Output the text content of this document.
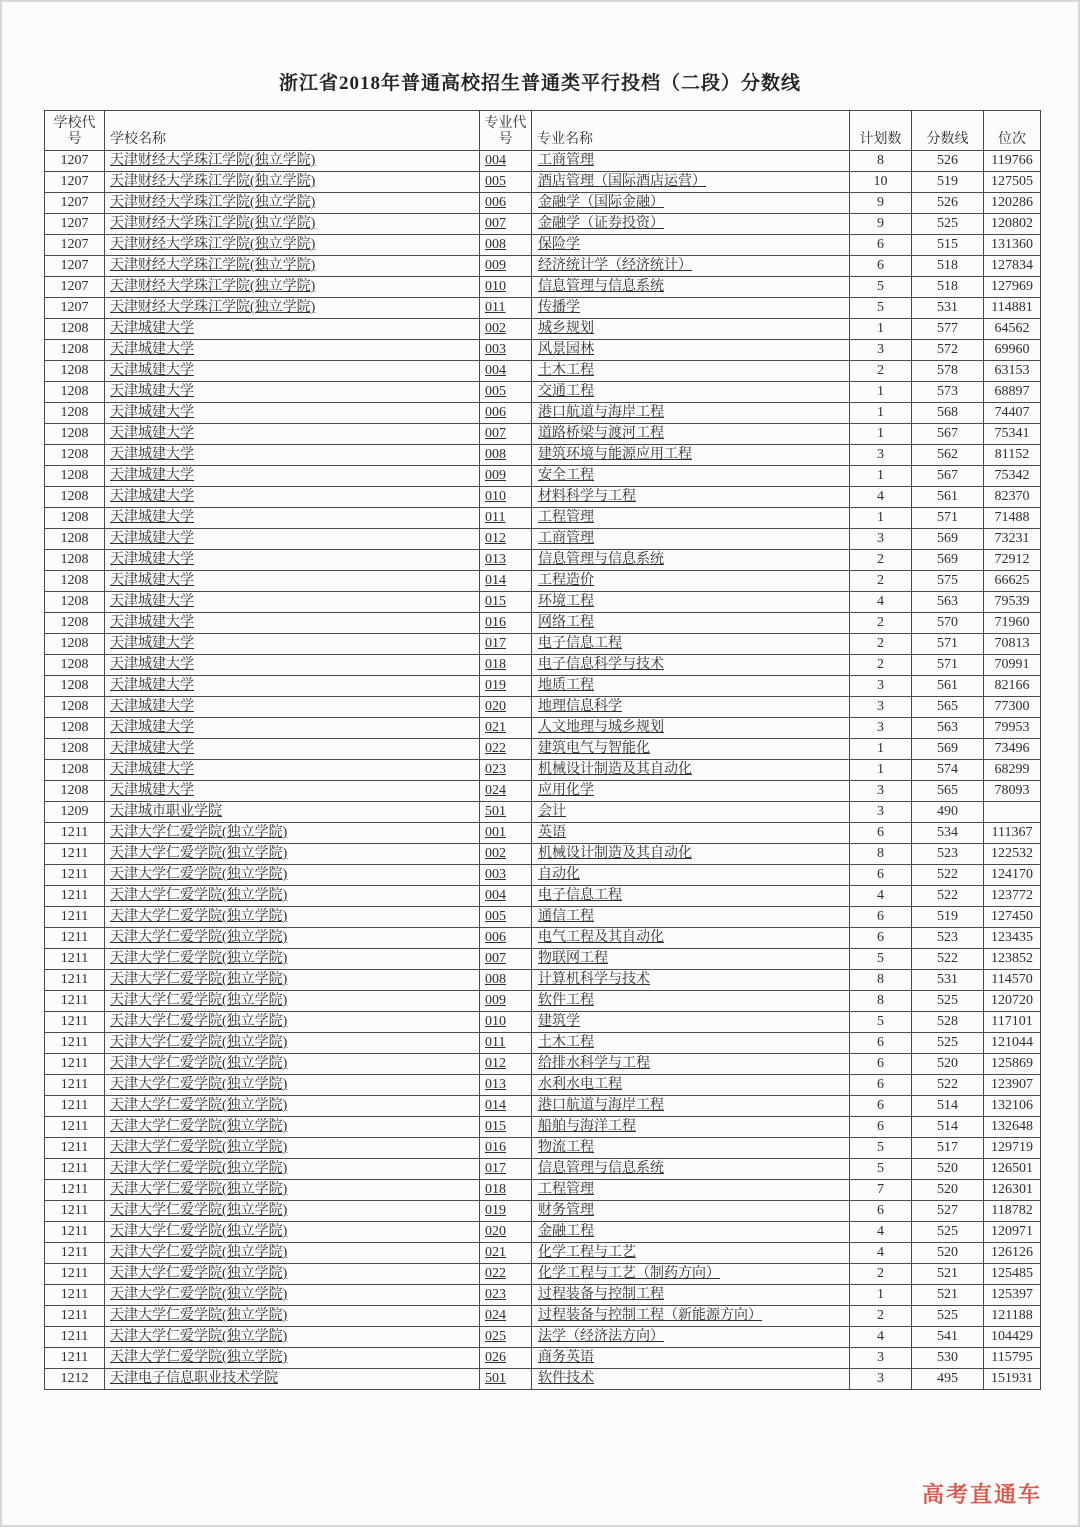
浙江省2018年普通高校招生普通类平行投档（二段）分数线
学校代号	学校名称	专业代号	专业名称	计划数	分数线	位次
1207	天津财经大学珠江学院(独立学院)	004	工商管理	8	526	119766
1207	天津财经大学珠江学院(独立学院)	005	酒店管理（国际酒店运营）	10	519	127505
1207	天津财经大学珠江学院(独立学院)	006	金融学（国际金融）	9	526	120286
1207	天津财经大学珠江学院(独立学院)	007	金融学（证券投资）	9	525	120802
1207	天津财经大学珠江学院(独立学院)	008	保险学	6	515	131360
1207	天津财经大学珠江学院(独立学院)	009	经济统计学（经济统计）	6	518	127834
1207	天津财经大学珠江学院(独立学院)	010	信息管理与信息系统	5	518	127969
1207	天津财经大学珠江学院(独立学院)	011	传播学	5	531	114881
1208	天津城建大学	002	城乡规划	1	577	64562
1208	天津城建大学	003	风景园林	3	572	69960
1208	天津城建大学	004	土木工程	2	578	63153
1208	天津城建大学	005	交通工程	1	573	68897
1208	天津城建大学	006	港口航道与海岸工程	1	568	74407
1208	天津城建大学	007	道路桥梁与渡河工程	1	567	75341
1208	天津城建大学	008	建筑环境与能源应用工程	3	562	81152
1208	天津城建大学	009	安全工程	1	567	75342
1208	天津城建大学	010	材料科学与工程	4	561	82370
1208	天津城建大学	011	工程管理	1	571	71488
1208	天津城建大学	012	工商管理	3	569	73231
1208	天津城建大学	013	信息管理与信息系统	2	569	72912
1208	天津城建大学	014	工程造价	2	575	66625
1208	天津城建大学	015	环境工程	4	563	79539
1208	天津城建大学	016	网络工程	2	570	71960
1208	天津城建大学	017	电子信息工程	2	571	70813
1208	天津城建大学	018	电子信息科学与技术	2	571	70991
1208	天津城建大学	019	地质工程	3	561	82166
1208	天津城建大学	020	地理信息科学	3	565	77300
1208	天津城建大学	021	人文地理与城乡规划	3	563	79953
1208	天津城建大学	022	建筑电气与智能化	1	569	73496
1208	天津城建大学	023	机械设计制造及其自动化	1	574	68299
1208	天津城建大学	024	应用化学	3	565	78093
1209	天津城市职业学院	501	会计	3	490	
1211	天津大学仁爱学院(独立学院)	001	英语	6	534	111367
1211	天津大学仁爱学院(独立学院)	002	机械设计制造及其自动化	8	523	122532
1211	天津大学仁爱学院(独立学院)	003	自动化	6	522	124170
1211	天津大学仁爱学院(独立学院)	004	电子信息工程	4	522	123772
1211	天津大学仁爱学院(独立学院)	005	通信工程	6	519	127450
1211	天津大学仁爱学院(独立学院)	006	电气工程及其自动化	6	523	123435
1211	天津大学仁爱学院(独立学院)	007	物联网工程	5	522	123852
1211	天津大学仁爱学院(独立学院)	008	计算机科学与技术	8	531	114570
1211	天津大学仁爱学院(独立学院)	009	软件工程	8	525	120720
1211	天津大学仁爱学院(独立学院)	010	建筑学	5	528	117101
1211	天津大学仁爱学院(独立学院)	011	土木工程	6	525	121044
1211	天津大学仁爱学院(独立学院)	012	给排水科学与工程	6	520	125869
1211	天津大学仁爱学院(独立学院)	013	水利水电工程	6	522	123907
1211	天津大学仁爱学院(独立学院)	014	港口航道与海岸工程	6	514	132106
1211	天津大学仁爱学院(独立学院)	015	船舶与海洋工程	6	514	132648
1211	天津大学仁爱学院(独立学院)	016	物流工程	5	517	129719
1211	天津大学仁爱学院(独立学院)	017	信息管理与信息系统	5	520	126501
1211	天津大学仁爱学院(独立学院)	018	工程管理	7	520	126301
1211	天津大学仁爱学院(独立学院)	019	财务管理	6	527	118782
1211	天津大学仁爱学院(独立学院)	020	金融工程	4	525	120971
1211	天津大学仁爱学院(独立学院)	021	化学工程与工艺	4	520	126126
1211	天津大学仁爱学院(独立学院)	022	化学工程与工艺（制药方向）	2	521	125485
1211	天津大学仁爱学院(独立学院)	023	过程装备与控制工程	1	521	125397
1211	天津大学仁爱学院(独立学院)	024	过程装备与控制工程（新能源方向）	2	525	121188
1211	天津大学仁爱学院(独立学院)	025	法学（经济法方向）	4	541	104429
1211	天津大学仁爱学院(独立学院)	026	商务英语	3	530	115795
1212	天津电子信息职业技术学院	501	软件技术	3	495	151931
高考直通车
